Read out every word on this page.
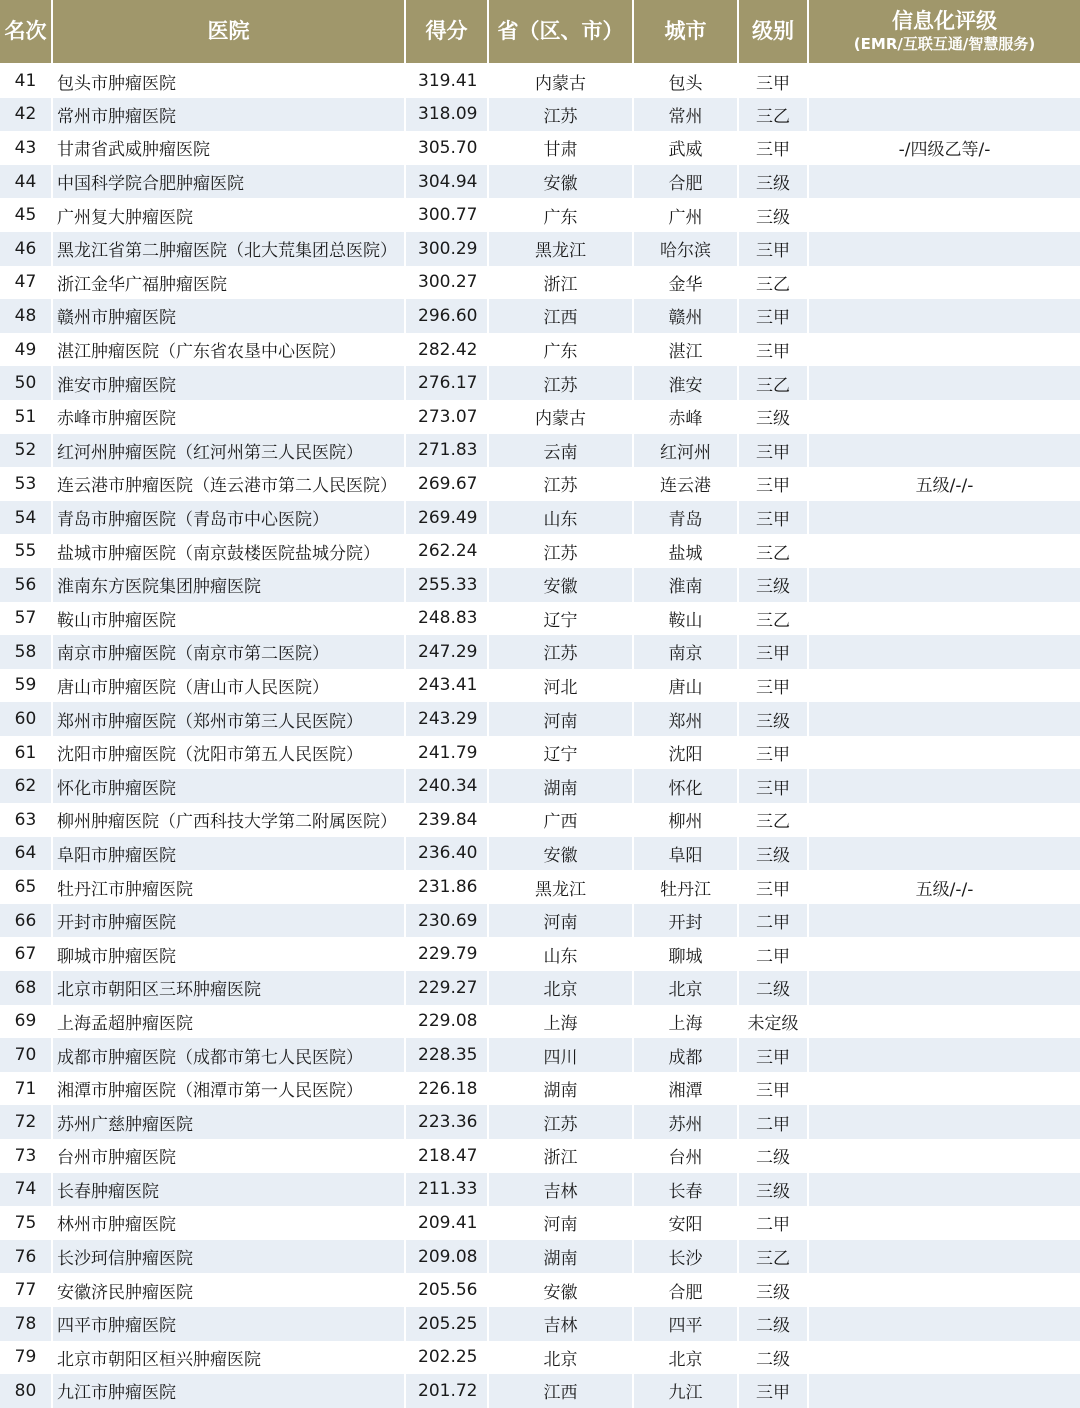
名次	医院	得分	省（区、市）	城市	级别	信息化评级
(EMR/互联互通/智慧服务)

41	包头市肿瘤医院	319.41	内蒙古	包头	三甲	
42	常州市肿瘤医院	318.09	江苏	常州	三乙	
43	甘肃省武威肿瘤医院	305.70	甘肃	武威	三甲	-/四级乙等/-
44	中国科学院合肥肿瘤医院	304.94	安徽	合肥	三级	
45	广州复大肿瘤医院	300.77	广东	广州	三级	
46	黑龙江省第二肿瘤医院（北大荒集团总医院）	300.29	黑龙江	哈尔滨	三甲	
47	浙江金华广福肿瘤医院	300.27	浙江	金华	三乙	
48	赣州市肿瘤医院	296.60	江西	赣州	三甲	
49	湛江肿瘤医院（广东省农垦中心医院）	282.42	广东	湛江	三甲	
50	淮安市肿瘤医院	276.17	江苏	淮安	三乙	
51	赤峰市肿瘤医院	273.07	内蒙古	赤峰	三级	
52	红河州肿瘤医院（红河州第三人民医院）	271.83	云南	红河州	三甲	
53	连云港市肿瘤医院（连云港市第二人民医院）	269.67	江苏	连云港	三甲	五级/-/-
54	青岛市肿瘤医院（青岛市中心医院）	269.49	山东	青岛	三甲	
55	盐城市肿瘤医院（南京鼓楼医院盐城分院）	262.24	江苏	盐城	三乙	
56	淮南东方医院集团肿瘤医院	255.33	安徽	淮南	三级	
57	鞍山市肿瘤医院	248.83	辽宁	鞍山	三乙	
58	南京市肿瘤医院（南京市第二医院）	247.29	江苏	南京	三甲	
59	唐山市肿瘤医院（唐山市人民医院）	243.41	河北	唐山	三甲	
60	郑州市肿瘤医院（郑州市第三人民医院）	243.29	河南	郑州	三级	
61	沈阳市肿瘤医院（沈阳市第五人民医院）	241.79	辽宁	沈阳	三甲	
62	怀化市肿瘤医院	240.34	湖南	怀化	三甲	
63	柳州肿瘤医院（广西科技大学第二附属医院）	239.84	广西	柳州	三乙	
64	阜阳市肿瘤医院	236.40	安徽	阜阳	三级	
65	牡丹江市肿瘤医院	231.86	黑龙江	牡丹江	三甲	五级/-/-
66	开封市肿瘤医院	230.69	河南	开封	二甲	
67	聊城市肿瘤医院	229.79	山东	聊城	二甲	
68	北京市朝阳区三环肿瘤医院	229.27	北京	北京	二级	
69	上海孟超肿瘤医院	229.08	上海	上海	未定级	
70	成都市肿瘤医院（成都市第七人民医院）	228.35	四川	成都	三甲	
71	湘潭市肿瘤医院（湘潭市第一人民医院）	226.18	湖南	湘潭	三甲	
72	苏州广慈肿瘤医院	223.36	江苏	苏州	二甲	
73	台州市肿瘤医院	218.47	浙江	台州	二级	
74	长春肿瘤医院	211.33	吉林	长春	三级	
75	林州市肿瘤医院	209.41	河南	安阳	二甲	
76	长沙珂信肿瘤医院	209.08	湖南	长沙	三乙	
77	安徽济民肿瘤医院	205.56	安徽	合肥	三级	
78	四平市肿瘤医院	205.25	吉林	四平	二级	
79	北京市朝阳区桓兴肿瘤医院	202.25	北京	北京	二级	
80	九江市肿瘤医院	201.72	江西	九江	三甲	
